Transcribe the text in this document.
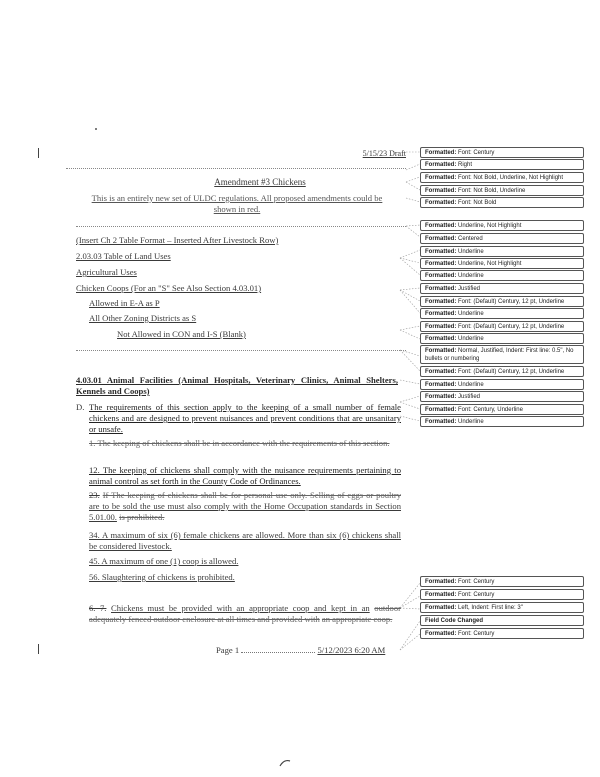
5/15/23 Draft
Amendment #3 Chickens
This is an entirely new set of ULDC regulations. All proposed amendments could be shown in red.
(Insert Ch 2 Table Format – Inserted After Livestock Row)
2.03.03 Table of Land Uses
Agricultural Uses
Chicken Coops (For an "S" See Also Section 4.03.01)
Allowed in E-A as P
All Other Zoning Districts as S
Not Allowed in CON and I-S (Blank)
4.03.01 Animal Facilities (Animal Hospitals, Veterinary Clinics, Animal Shelters, Kennels and Coops)
D. The requirements of this section apply to the keeping of a small number of female chickens and are designed to prevent nuisances and prevent conditions that are unsanitary or unsafe.
1. The keeping of chickens shall be in accordance with the requirements of this section.
12. The keeping of chickens shall comply with the nuisance requirements pertaining to animal control as set forth in the County Code of Ordinances.
23. If The keeping of chickens shall be for personal use only. Selling of eggs or poultry are to be sold the use must also comply with the Home Occupation standards in Section 5.01.00. is prohibited.
34. A maximum of six (6) female chickens are allowed. More than six (6) chickens shall be considered livestock.
45. A maximum of one (1) coop is allowed.
56. Slaughtering of chickens is prohibited.
6. 7. Chickens must be provided with an appropriate coop and kept in an outdoor adequately fenced outdoor enclosure at all times and provided with an appropriate coop.
Page 1	5/12/2023 6:20 AM
Formatted: Font: Century
Formatted: Right
Formatted: Font: Not Bold, Underline, Not Highlight
Formatted: Font: Not Bold, Underline
Formatted: Font: Not Bold
Formatted: Underline, Not Highlight
Formatted: Centered
Formatted: Underline
Formatted: Underline, Not Highlight
Formatted: Underline
Formatted: Justified
Formatted: Font: (Default) Century, 12 pt, Underline
Formatted: Underline
Formatted: Font: (Default) Century, 12 pt, Underline
Formatted: Underline
Formatted: Normal, Justified, Indent: First line: 0.5", No bullets or numbering
Formatted: Font: (Default) Century, 12 pt, Underline
Formatted: Underline
Formatted: Justified
Formatted: Font: Century, Underline
Formatted: Underline
Formatted: Font: Century
Formatted: Font: Century
Formatted: Left, Indent: First line: 3"
Field Code Changed
Formatted: Font: Century
